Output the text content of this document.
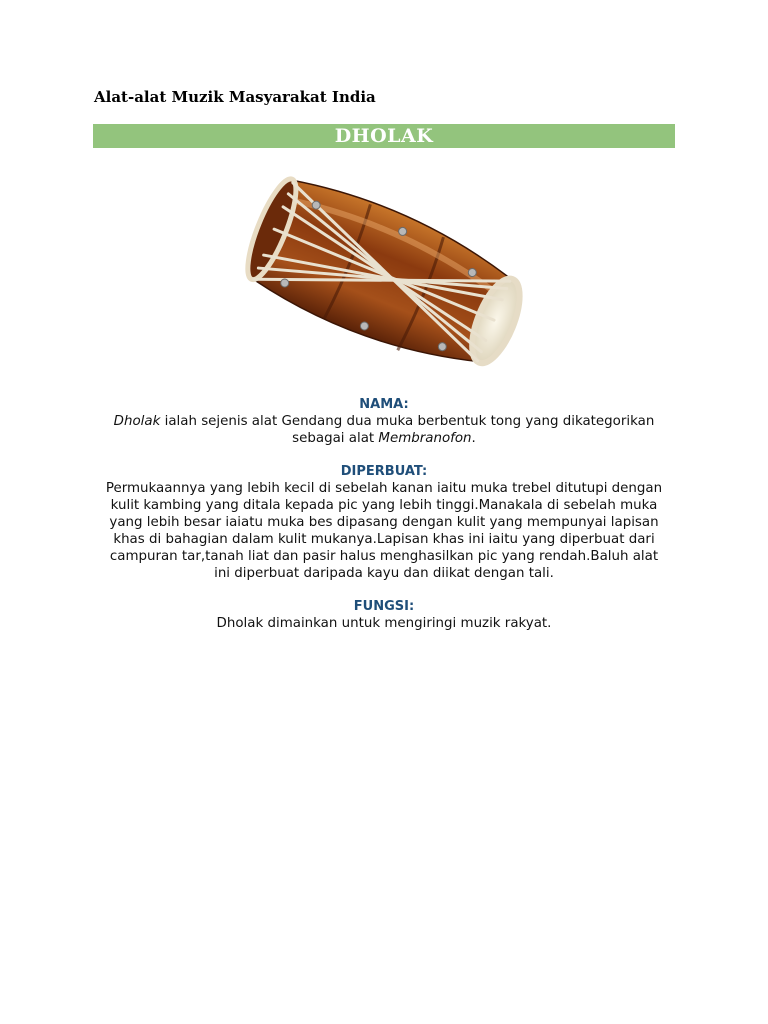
Alat-alat Muzik Masyarakat India
DHOLAK
NAMA:

Dholak ialah sejenis alat Gendang dua muka berbentuk tong yang dikategorikan
sebagai alat Membranofon.

DIPERBUAT:

Permukaannya yang lebih kecil di sebelah kanan iaitu muka trebel ditutupi dengan
kulit kambing yang ditala kepada pic yang lebih tinggi.Manakala di sebelah muka
yang lebih besar iaiatu muka bes dipasang dengan kulit yang mempunyai lapisan
khas di bahagian dalam kulit mukanya.Lapisan khas ini iaitu yang diperbuat dari
campuran tar,tanah liat dan pasir halus menghasilkan pic yang rendah.Baluh alat
ini diperbuat daripada kayu dan diikat dengan tali.

FUNGSI:

Dholak dimainkan untuk mengiringi muzik rakyat.
